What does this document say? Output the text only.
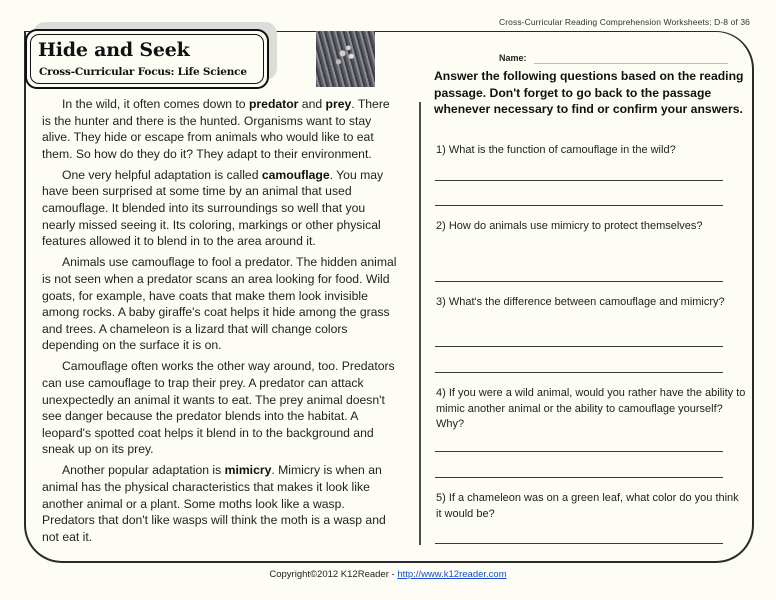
Cross-Curricular Reading Comprehension Worksheets: D-8 of 36
Hide and Seek
Cross-Curricular Focus: Life Science

In the wild, it often comes down to predator and prey. There is the hunter and there is the hunted. Organisms want to stay alive. They hide or escape from animals who would like to eat them. So how do they do it? They adapt to their environment.

One very helpful adaptation is called camouflage. You may have been surprised at some time by an animal that used camouflage. It blended into its surroundings so well that you nearly missed seeing it. Its coloring, markings or other physical features allowed it to blend in to the area around it.

Animals use camouflage to fool a predator. The hidden animal is not seen when a predator scans an area looking for food. Wild goats, for example, have coats that make them look invisible among rocks. A baby giraffe's coat helps it hide among the grass and trees. A chameleon is a lizard that will change colors depending on the surface it is on.

Camouflage often works the other way around, too. Predators can use camouflage to trap their prey. A predator can attack unexpectedly an animal it wants to eat. The prey animal doesn't see danger because the predator blends into the habitat. A leopard's spotted coat helps it blend in to the background and sneak up on its prey.

Another popular adaptation is mimicry. Mimicry is when an animal has the physical characteristics that makes it look like another animal or a plant. Some moths look like a wasp. Predators that don't like wasps will think the moth is a wasp and not eat it.

Name:
Answer the following questions based on the reading passage. Don't forget to go back to the passage whenever necessary to find or confirm your answers.
1) What is the function of camouflage in the wild?
2) How do animals use mimicry to protect themselves?
3) What's the difference between camouflage and mimicry?
4) If you were a wild animal, would you rather have the ability to mimic another animal or the ability to camouflage yourself? Why?
5) If a chameleon was on a green leaf, what color do you think it would be?
Copyright©2012 K12Reader - http://www.k12reader.com
